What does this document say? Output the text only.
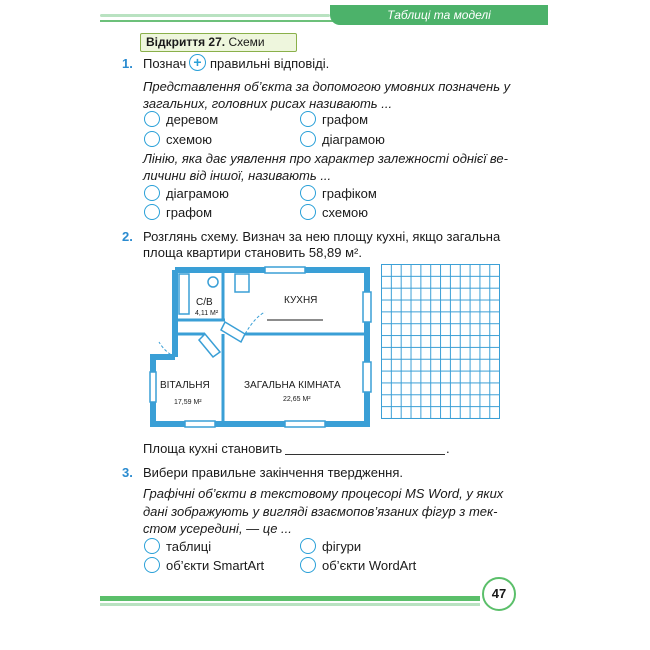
Таблиці та моделі
Відкриття 27. Схеми
1. Познач + правильні відповіді.
Представлення об’єкта за допомогою умовних позначень у
загальних, головних рисах називають ...
деревом	графом
схемою	діаграмою
Лінію, яка дає уявлення про характер залежності однієї ве-
личини від іншої, називають ...
діаграмою	графіком
графом	схемою
2. Розглянь схему. Визнач за нею площу кухні, якщо загальна
площа квартири становить 58,89 м².
С/В
4,11 М²
КУХНЯ
ВІТАЛЬНЯ
17,59 М²
ЗАГАЛЬНА КІМНАТА
22,65 М²
Площа кухні становить	.
3. Вибери правильне закінчення твердження.
Графічні об’єкти в текстовому процесорі MS Word, у яких
дані зображують у вигляді взаємопов’язаних фігур з тек-
стом усередині, — це ...
таблиці	фігури
об’єкти SmartArt	об’єкти WordArt
47
